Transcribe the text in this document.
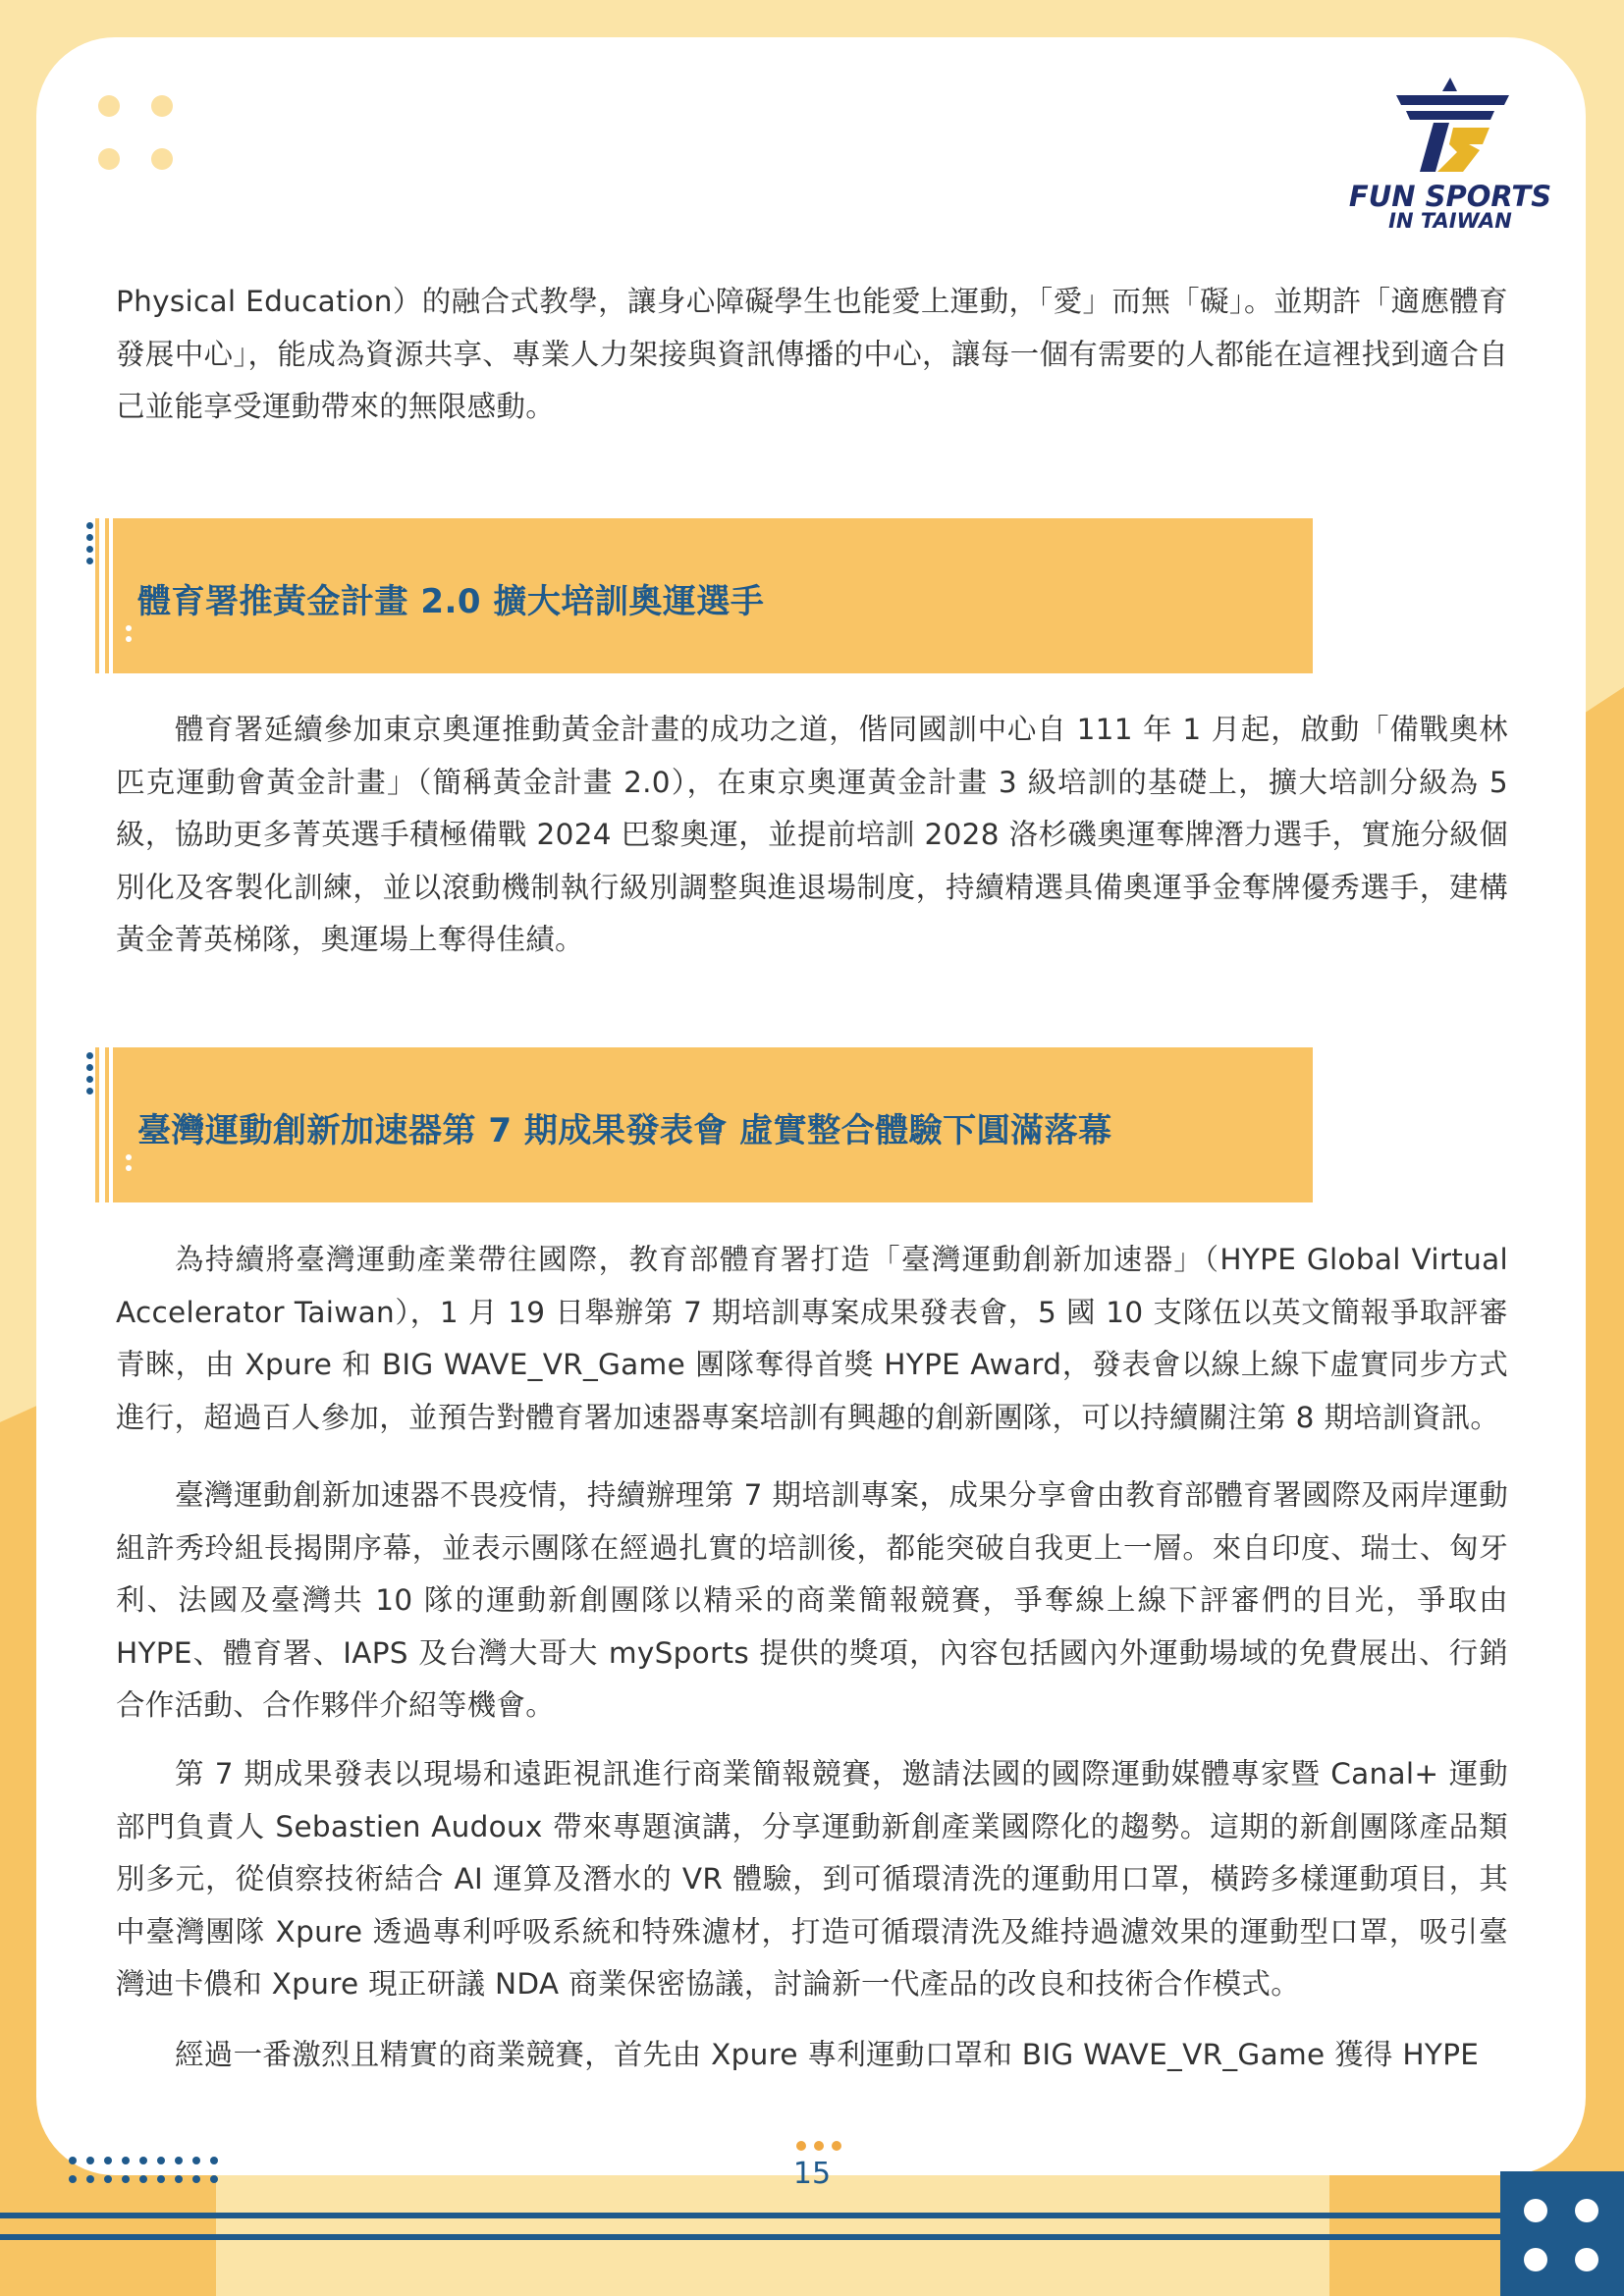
FUN SPORTS
IN TAIWAN

Physical Education）的融合式教學，讓身心障礙學生也能愛上運動，「愛」而無「礙」。並期許「適應體育發展中心」，能成為資源共享、專業人力架接與資訊傳播的中心，讓每一個有需要的人都能在這裡找到適合自己並能享受運動帶來的無限感動。

體育署推黃金計畫 2.0 擴大培訓奧運選手

體育署延續參加東京奧運推動黃金計畫的成功之道，偕同國訓中心自 111 年 1 月起，啟動「備戰奧林匹克運動會黃金計畫」（簡稱黃金計畫 2.0），在東京奧運黃金計畫 3 級培訓的基礎上，擴大培訓分級為 5 級，協助更多菁英選手積極備戰 2024 巴黎奧運，並提前培訓 2028 洛杉磯奧運奪牌潛力選手，實施分級個別化及客製化訓練，並以滾動機制執行級別調整與進退場制度，持續精選具備奧運爭金奪牌優秀選手，建構黃金菁英梯隊，奧運場上奪得佳績。

臺灣運動創新加速器第 7 期成果發表會 虛實整合體驗下圓滿落幕

為持續將臺灣運動產業帶往國際，教育部體育署打造「臺灣運動創新加速器」（HYPE Global Virtual Accelerator Taiwan），1 月 19 日舉辦第 7 期培訓專案成果發表會，5 國 10 支隊伍以英文簡報爭取評審青睞，由 Xpure 和 BIG WAVE_VR_Game 團隊奪得首獎 HYPE Award，發表會以線上線下虛實同步方式進行，超過百人參加，並預告對體育署加速器專案培訓有興趣的創新團隊，可以持續關注第 8 期培訓資訊。

臺灣運動創新加速器不畏疫情，持續辦理第 7 期培訓專案，成果分享會由教育部體育署國際及兩岸運動組許秀玲組長揭開序幕，並表示團隊在經過扎實的培訓後，都能突破自我更上一層。來自印度、瑞士、匈牙利、法國及臺灣共 10 隊的運動新創團隊以精采的商業簡報競賽，爭奪線上線下評審們的目光，爭取由 HYPE、體育署、IAPS 及台灣大哥大 mySports 提供的獎項，內容包括國內外運動場域的免費展出、行銷合作活動、合作夥伴介紹等機會。

第 7 期成果發表以現場和遠距視訊進行商業簡報競賽，邀請法國的國際運動媒體專家暨 Canal+ 運動部門負責人 Sebastien Audoux 帶來專題演講，分享運動新創產業國際化的趨勢。這期的新創團隊產品類別多元，從偵察技術結合 AI 運算及潛水的 VR 體驗，到可循環清洗的運動用口罩，橫跨多樣運動項目，其中臺灣團隊 Xpure 透過專利呼吸系統和特殊濾材，打造可循環清洗及維持過濾效果的運動型口罩，吸引臺灣迪卡儂和 Xpure 現正研議 NDA 商業保密協議，討論新一代產品的改良和技術合作模式。

經過一番激烈且精實的商業競賽，首先由 Xpure 專利運動口罩和 BIG WAVE_VR_Game 獲得 HYPE

15
